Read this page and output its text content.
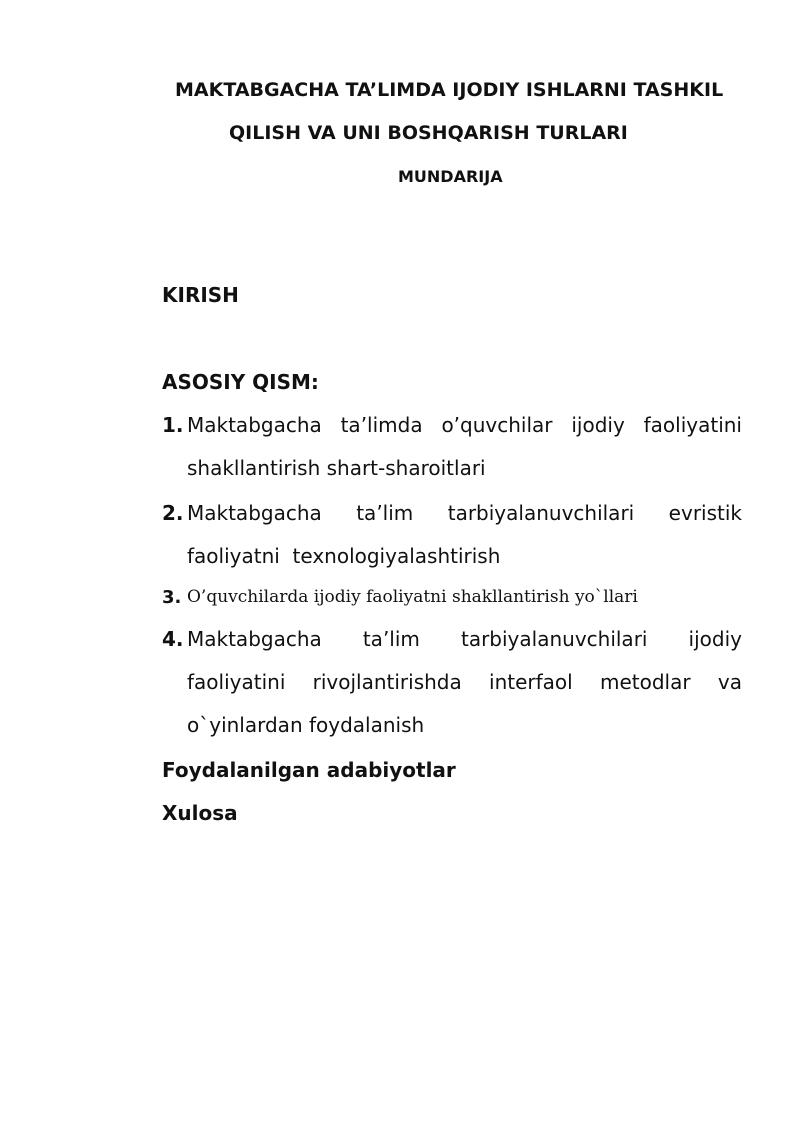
MAKTABGACHA TA’LIMDA IJODIY ISHLARNI TASHKIL
QILISH VA UNI BOSHQARISH TURLARI
MUNDARIJA
KIRISH
ASOSIY QISM:
1. Maktabgacha ta’limda o’quvchilar ijodiy faoliyatini
shakllantirish shart-sharoitlari
2. Maktabgacha ta’lim tarbiyalanuvchilari evristik
faoliyatni  texnologiyalashtirish
3. O’quvchilarda ijodiy faoliyatni shakllantirish yo`llari
4. Maktabgacha ta’lim tarbiyalanuvchilari ijodiy
faoliyatini rivojlantirishda interfaol metodlar va
o`yinlardan foydalanish
Foydalanilgan adabiyotlar
Xulosa
